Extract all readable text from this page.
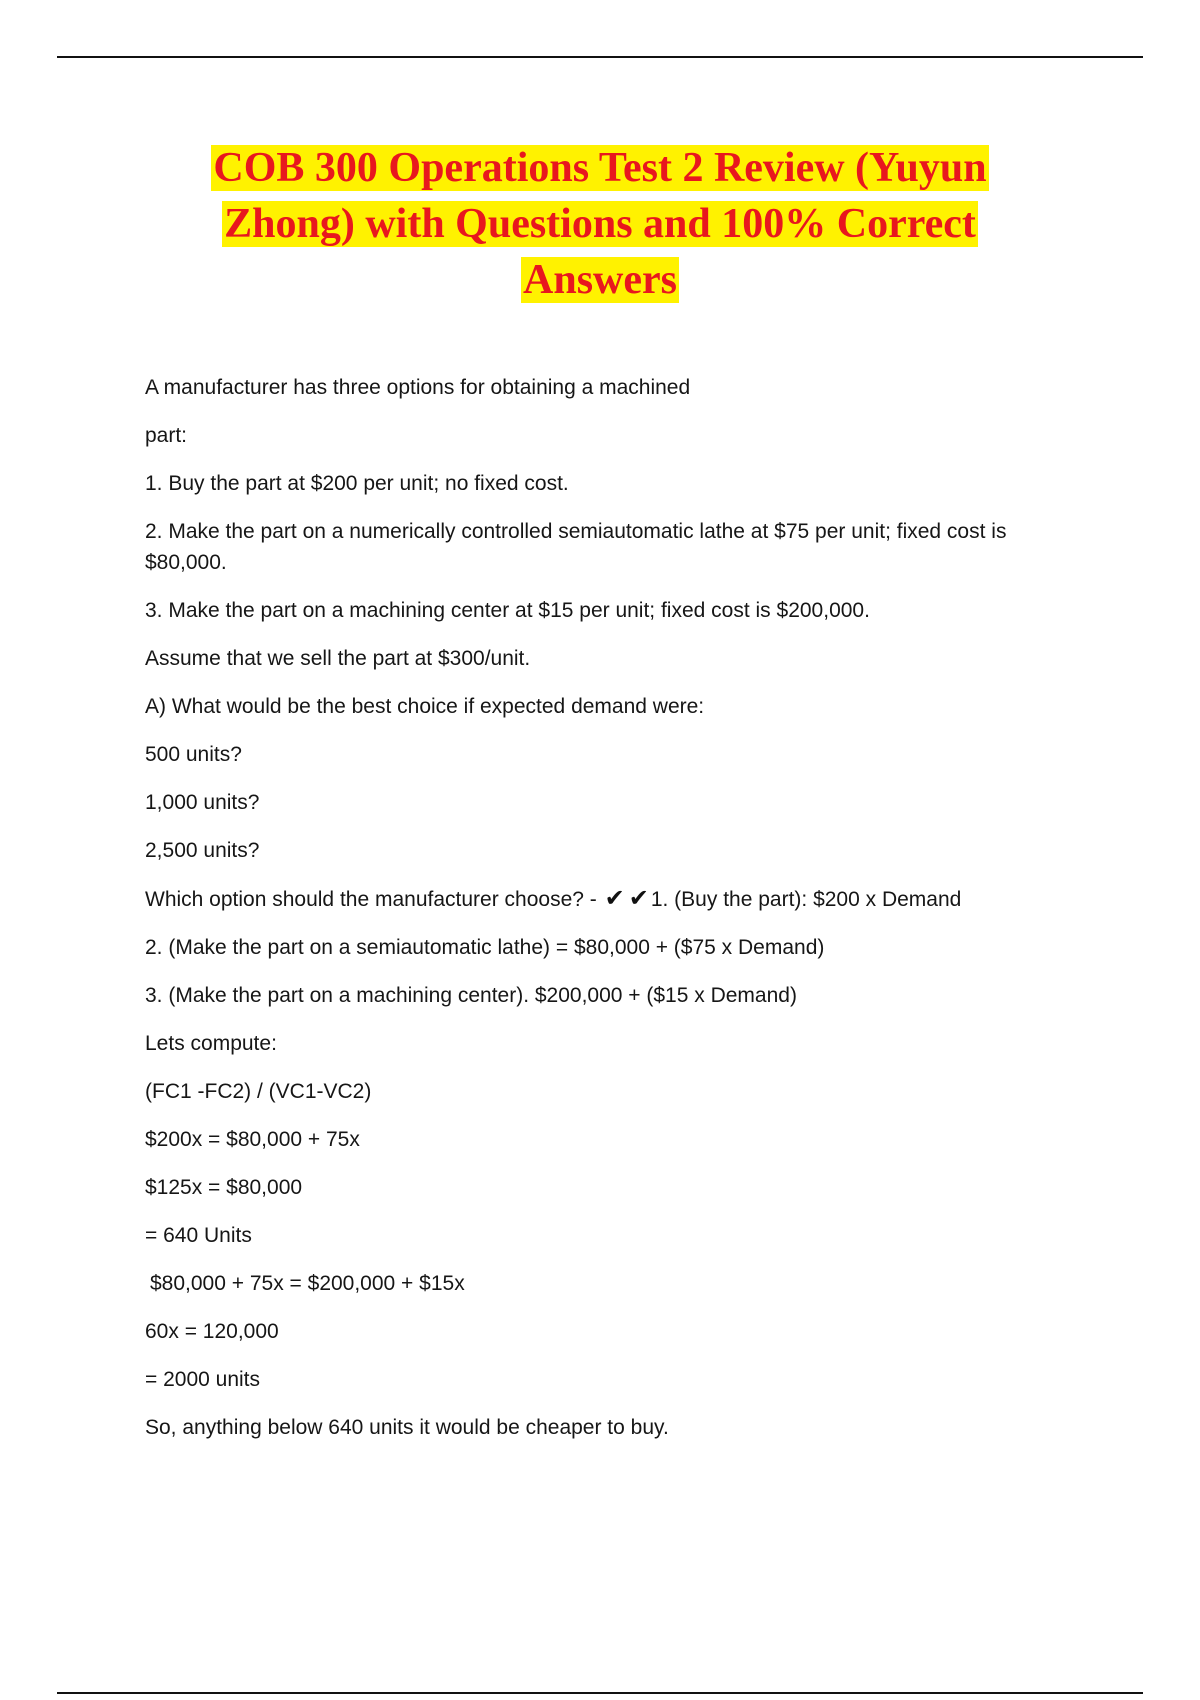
COB 300 Operations Test 2 Review (Yuyun Zhong) with Questions and 100% Correct Answers

A manufacturer has three options for obtaining a machined

part:

1. Buy the part at $200 per unit; no fixed cost.

2. Make the part on a numerically controlled semiautomatic lathe at $75 per unit; fixed cost is $80,000.

3. Make the part on a machining center at $15 per unit; fixed cost is $200,000.

Assume that we sell the part at $300/unit.

A) What would be the best choice if expected demand were:

500 units?

1,000 units?

2,500 units?

Which option should the manufacturer choose? - ✔ ✔1. (Buy the part): $200 x Demand

2. (Make the part on a semiautomatic lathe) = $80,000 + ($75 x Demand)

3. (Make the part on a machining center). $200,000 + ($15 x Demand)

Lets compute:

(FC1 -FC2) / (VC1-VC2)

$200x = $80,000 + 75x

$125x = $80,000

= 640 Units

$80,000 + 75x = $200,000 + $15x

60x = 120,000

= 2000 units

So, anything below 640 units it would be cheaper to buy.
